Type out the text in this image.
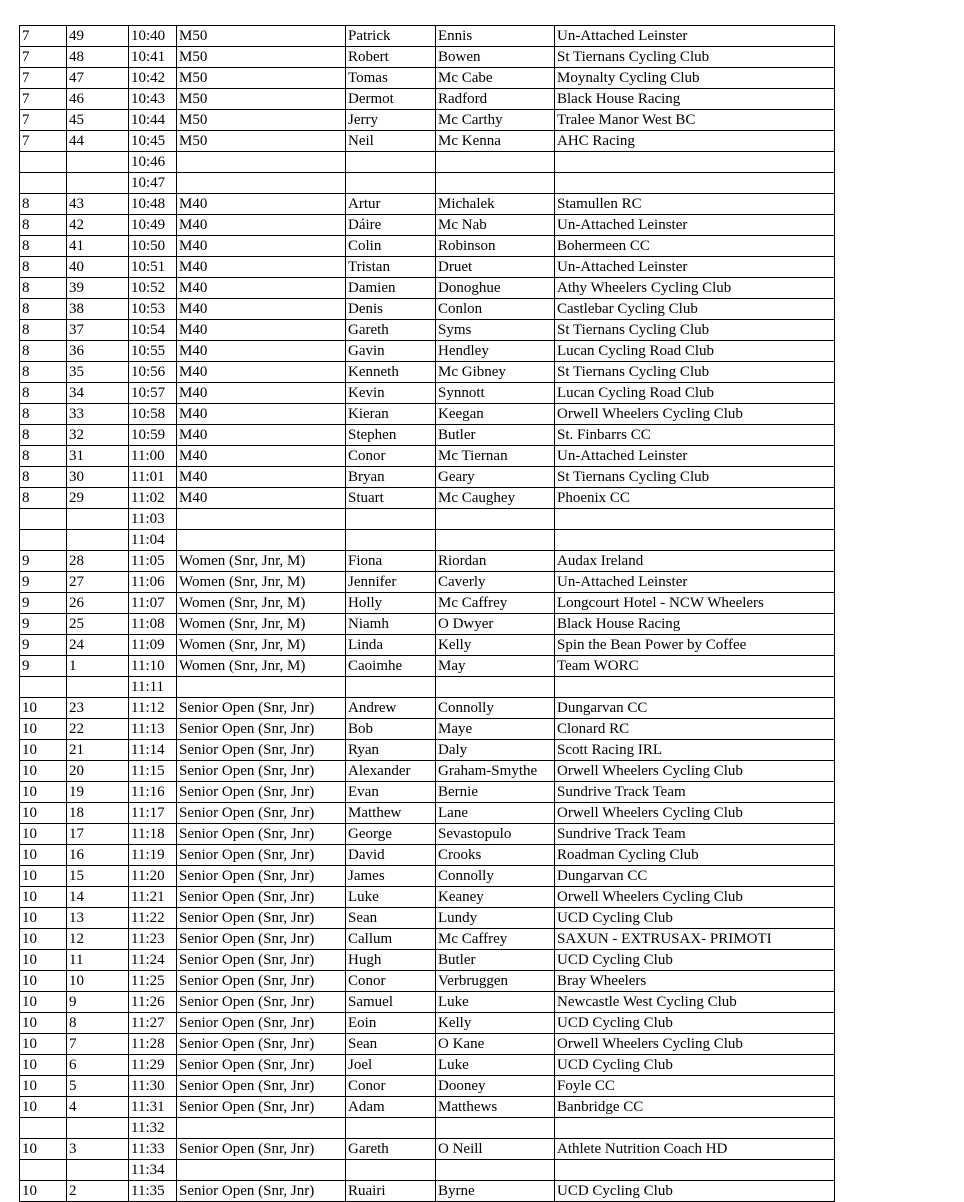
7	49	10:40	M50	Patrick	Ennis	Un-Attached Leinster
7	48	10:41	M50	Robert	Bowen	St Tiernans Cycling Club
7	47	10:42	M50	Tomas	Mc Cabe	Moynalty Cycling Club
7	46	10:43	M50	Dermot	Radford	Black House Racing
7	45	10:44	M50	Jerry	Mc Carthy	Tralee Manor West BC
7	44	10:45	M50	Neil	Mc Kenna	AHC Racing
		10:46				
		10:47				
8	43	10:48	M40	Artur	Michalek	Stamullen RC
8	42	10:49	M40	Dáire	Mc Nab	Un-Attached Leinster
8	41	10:50	M40	Colin	Robinson	Bohermeen CC
8	40	10:51	M40	Tristan	Druet	Un-Attached Leinster
8	39	10:52	M40	Damien	Donoghue	Athy Wheelers Cycling Club
8	38	10:53	M40	Denis	Conlon	Castlebar Cycling Club
8	37	10:54	M40	Gareth	Syms	St Tiernans Cycling Club
8	36	10:55	M40	Gavin	Hendley	Lucan Cycling Road Club
8	35	10:56	M40	Kenneth	Mc Gibney	St Tiernans Cycling Club
8	34	10:57	M40	Kevin	Synnott	Lucan Cycling Road Club
8	33	10:58	M40	Kieran	Keegan	Orwell Wheelers Cycling Club
8	32	10:59	M40	Stephen	Butler	St. Finbarrs CC
8	31	11:00	M40	Conor	Mc Tiernan	Un-Attached Leinster
8	30	11:01	M40	Bryan	Geary	St Tiernans Cycling Club
8	29	11:02	M40	Stuart	Mc Caughey	Phoenix CC
		11:03				
		11:04				
9	28	11:05	Women (Snr, Jnr, M)	Fiona	Riordan	Audax Ireland
9	27	11:06	Women (Snr, Jnr, M)	Jennifer	Caverly	Un-Attached Leinster
9	26	11:07	Women (Snr, Jnr, M)	Holly	Mc Caffrey	Longcourt Hotel - NCW Wheelers
9	25	11:08	Women (Snr, Jnr, M)	Niamh	O Dwyer	Black House Racing
9	24	11:09	Women (Snr, Jnr, M)	Linda	Kelly	Spin the Bean Power by Coffee
9	1	11:10	Women (Snr, Jnr, M)	Caoimhe	May	Team WORC
		11:11				
10	23	11:12	Senior Open (Snr, Jnr)	Andrew	Connolly	Dungarvan CC
10	22	11:13	Senior Open (Snr, Jnr)	Bob	Maye	Clonard RC
10	21	11:14	Senior Open (Snr, Jnr)	Ryan	Daly	Scott Racing IRL
10	20	11:15	Senior Open (Snr, Jnr)	Alexander	Graham-Smythe	Orwell Wheelers Cycling Club
10	19	11:16	Senior Open (Snr, Jnr)	Evan	Bernie	Sundrive Track Team
10	18	11:17	Senior Open (Snr, Jnr)	Matthew	Lane	Orwell Wheelers Cycling Club
10	17	11:18	Senior Open (Snr, Jnr)	George	Sevastopulo	Sundrive Track Team
10	16	11:19	Senior Open (Snr, Jnr)	David	Crooks	Roadman Cycling Club
10	15	11:20	Senior Open (Snr, Jnr)	James	Connolly	Dungarvan CC
10	14	11:21	Senior Open (Snr, Jnr)	Luke	Keaney	Orwell Wheelers Cycling Club
10	13	11:22	Senior Open (Snr, Jnr)	Sean	Lundy	UCD Cycling Club
10	12	11:23	Senior Open (Snr, Jnr)	Callum	Mc Caffrey	SAXUN - EXTRUSAX- PRIMOTI
10	11	11:24	Senior Open (Snr, Jnr)	Hugh	Butler	UCD Cycling Club
10	10	11:25	Senior Open (Snr, Jnr)	Conor	Verbruggen	Bray Wheelers
10	9	11:26	Senior Open (Snr, Jnr)	Samuel	Luke	Newcastle West Cycling Club
10	8	11:27	Senior Open (Snr, Jnr)	Eoin	Kelly	UCD Cycling Club
10	7	11:28	Senior Open (Snr, Jnr)	Sean	O Kane	Orwell Wheelers Cycling Club
10	6	11:29	Senior Open (Snr, Jnr)	Joel	Luke	UCD Cycling Club
10	5	11:30	Senior Open (Snr, Jnr)	Conor	Dooney	Foyle CC
10	4	11:31	Senior Open (Snr, Jnr)	Adam	Matthews	Banbridge CC
		11:32				
10	3	11:33	Senior Open (Snr, Jnr)	Gareth	O Neill	Athlete Nutrition Coach HD
		11:34				
10	2	11:35	Senior Open (Snr, Jnr)	Ruairi	Byrne	UCD Cycling Club
